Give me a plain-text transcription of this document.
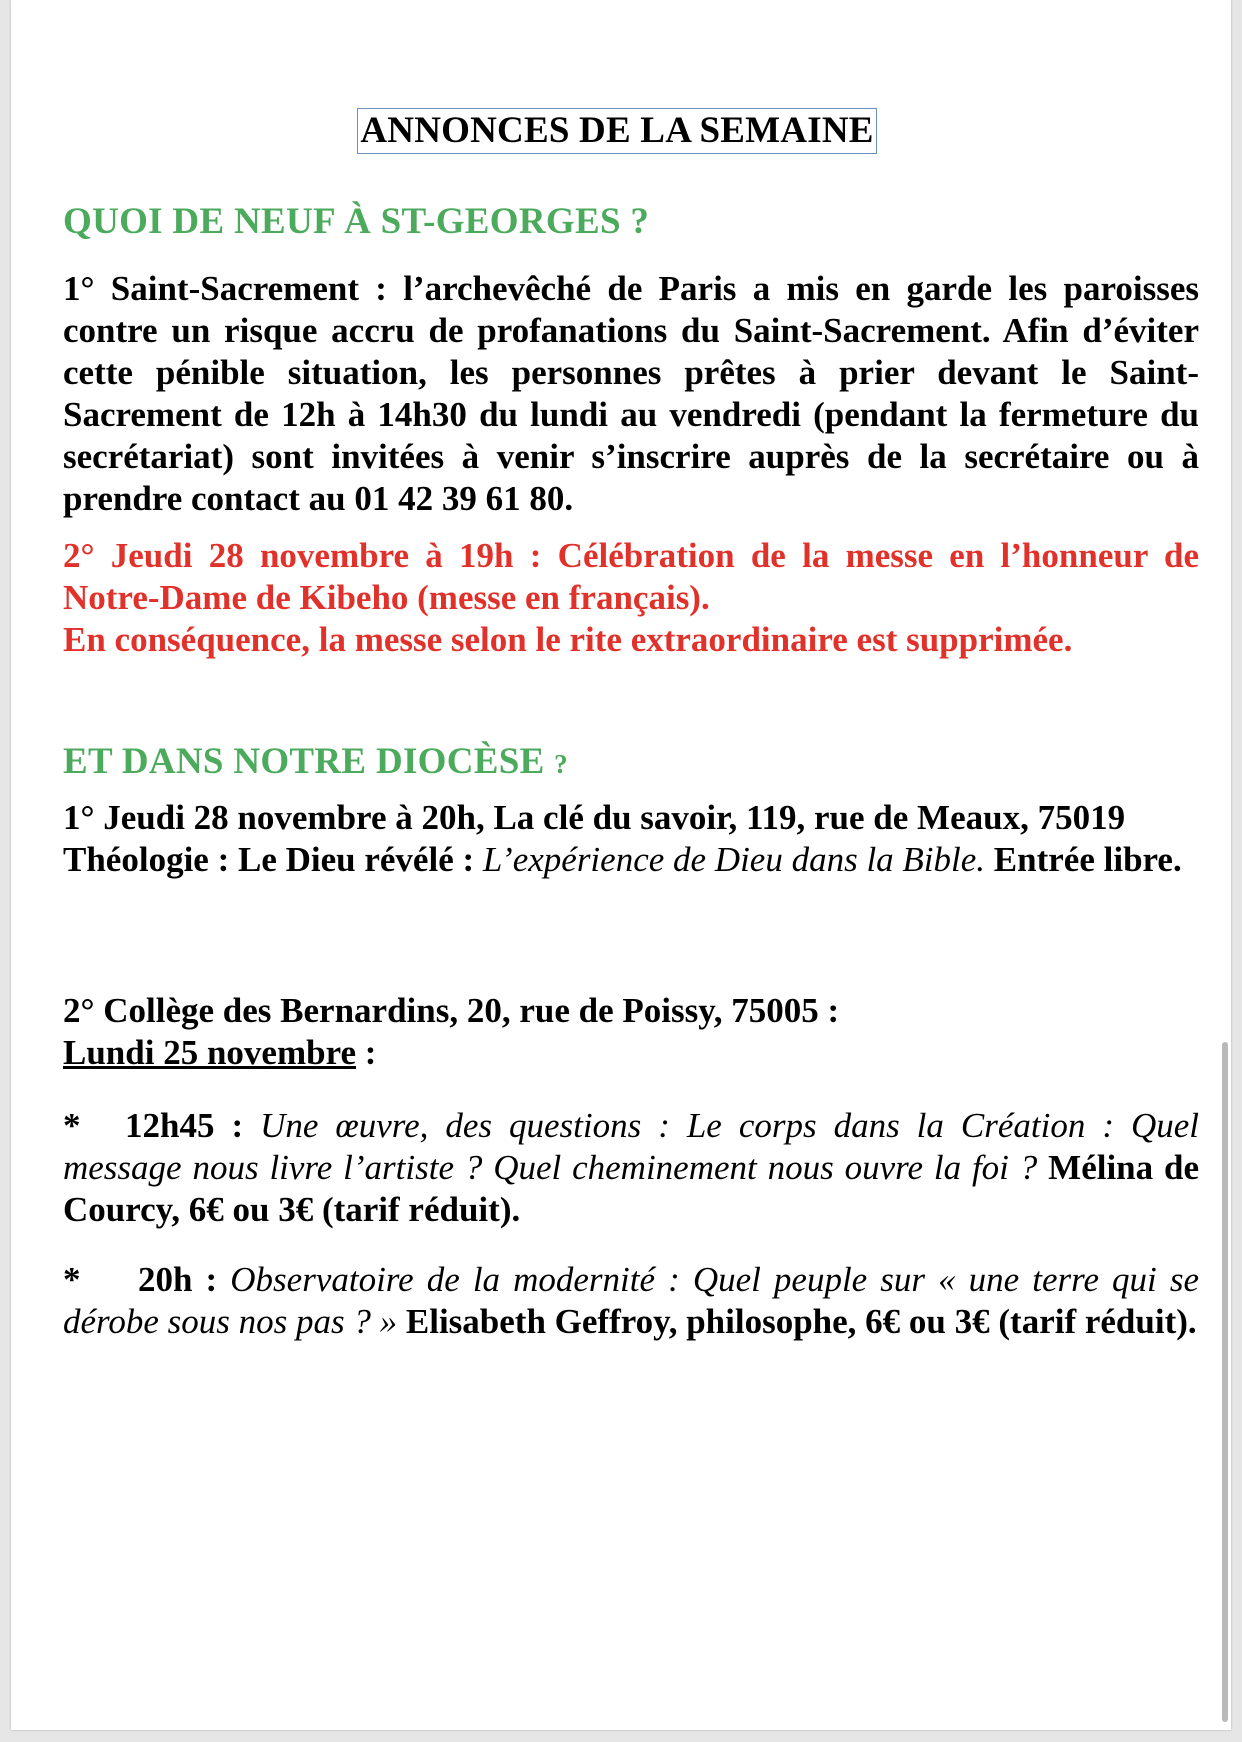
ANNONCES DE LA SEMAINE
QUOI DE NEUF À ST-GEORGES ?

1° Saint-Sacrement : l’archevêché de Paris a mis en garde les paroisses contre un risque accru de profanations du Saint-Sacrement. Afin d’éviter cette pénible situation, les personnes prêtes à prier devant le Saint-Sacrement de 12h à 14h30 du lundi au vendredi (pendant la fermeture du secrétariat) sont invitées à venir s’inscrire auprès de la secrétaire ou à prendre contact au 01 42 39 61 80.

2° Jeudi 28 novembre à 19h : Célébration de la messe en l’honneur de Notre-Dame de Kibeho (messe en français).
En conséquence, la messe selon le rite extraordinaire est supprimée.

ET DANS NOTRE DIOCÈSE ?

1° Jeudi 28 novembre à 20h, La clé du savoir, 119, rue de Meaux, 75019
Théologie : Le Dieu révélé : L’expérience de Dieu dans la Bible. Entrée libre.

2° Collège des Bernardins, 20, rue de Poissy, 75005 :
Lundi 25 novembre :

* 12h45 : Une œuvre, des questions : Le corps dans la Création : Quel message nous livre l’artiste ? Quel cheminement nous ouvre la foi ? Mélina de Courcy, 6€ ou 3€ (tarif réduit).

* 20h : Observatoire de la modernité : Quel peuple sur « une terre qui se dérobe sous nos pas ? » Elisabeth Geffroy, philosophe, 6€ ou 3€ (tarif réduit).
